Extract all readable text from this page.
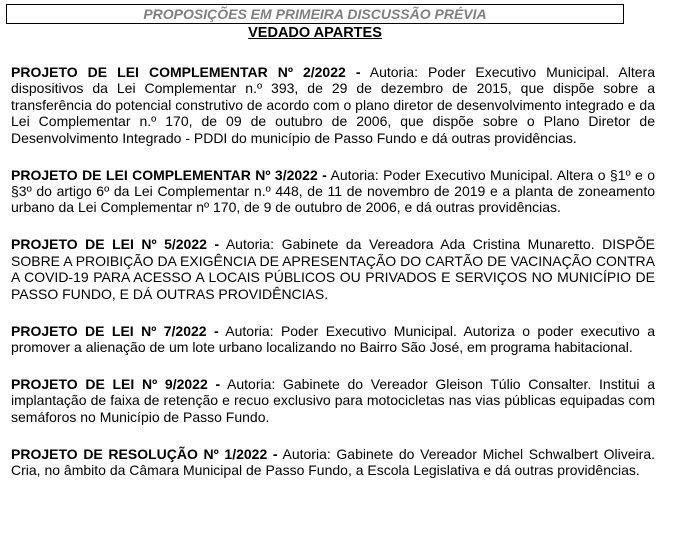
PROPOSIÇÕES EM PRIMEIRA DISCUSSÃO PRÉVIA
VEDADO APARTES

PROJETO DE LEI COMPLEMENTAR Nº 2/2022 - Autoria: Poder Executivo Municipal. Altera dispositivos da Lei Complementar n.º 393, de 29 de dezembro de 2015, que dispõe sobre a transferência do potencial construtivo de acordo com o plano diretor de desenvolvimento integrado e da Lei Complementar n.º 170, de 09 de outubro de 2006, que dispõe sobre o Plano Diretor de Desenvolvimento Integrado - PDDI do município de Passo Fundo e dá outras providências.

PROJETO DE LEI COMPLEMENTAR Nº 3/2022 - Autoria: Poder Executivo Municipal. Altera o §1º e o §3º do artigo 6º da Lei Complementar n.º 448, de 11 de novembro de 2019 e a planta de zoneamento urbano da Lei Complementar nº 170, de 9 de outubro de 2006, e dá outras providências.

PROJETO DE LEI Nº 5/2022 - Autoria: Gabinete da Vereadora Ada Cristina Munaretto. DISPÕE SOBRE A PROIBIÇÃO DA EXIGÊNCIA DE APRESENTAÇÃO DO CARTÃO DE VACINAÇÃO CONTRA A COVID-19 PARA ACESSO A LOCAIS PÚBLICOS OU PRIVADOS E SERVIÇOS NO MUNICÍPIO DE PASSO FUNDO, E DÁ OUTRAS PROVIDÊNCIAS.

PROJETO DE LEI Nº 7/2022 - Autoria: Poder Executivo Municipal. Autoriza o poder executivo a promover a alienação de um lote urbano localizando no Bairro São José, em programa habitacional.

PROJETO DE LEI Nº 9/2022 - Autoria: Gabinete do Vereador Gleison Túlio Consalter. Institui a implantação de faixa de retenção e recuo exclusivo para motocicletas nas vias públicas equipadas com semáforos no Município de Passo Fundo.

PROJETO DE RESOLUÇÃO Nº 1/2022 - Autoria: Gabinete do Vereador Michel Schwalbert Oliveira. Cria, no âmbito da Câmara Municipal de Passo Fundo, a Escola Legislativa e dá outras providências.
